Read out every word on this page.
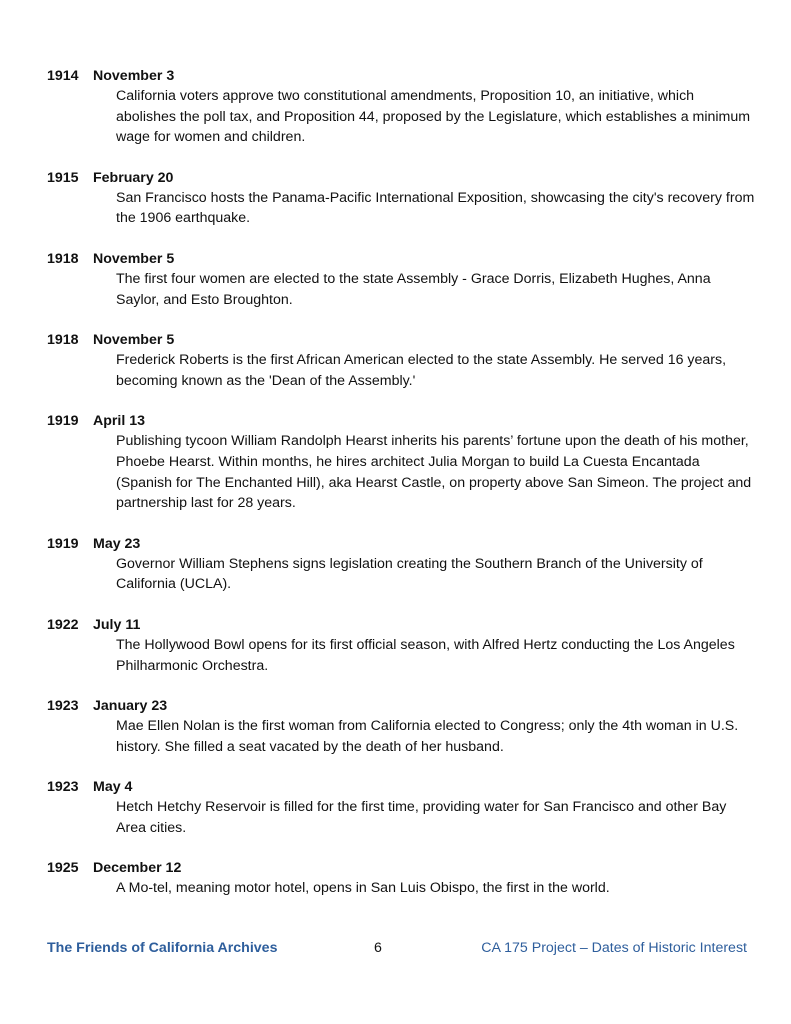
1914	November 3
California voters approve two constitutional amendments, Proposition 10, an initiative, which abolishes the poll tax, and Proposition 44, proposed by the Legislature, which establishes a minimum wage for women and children.
1915	February 20
San Francisco hosts the Panama-Pacific International Exposition, showcasing the city's recovery from the 1906 earthquake.
1918	November 5
The first four women are elected to the state Assembly - Grace Dorris, Elizabeth Hughes, Anna Saylor, and Esto Broughton.
1918	November 5
Frederick Roberts is the first African American elected to the state Assembly. He served 16 years, becoming known as the 'Dean of the Assembly.'
1919	April 13
Publishing tycoon William Randolph Hearst inherits his parents’ fortune upon the death of his mother, Phoebe Hearst. Within months, he hires architect Julia Morgan to build La Cuesta Encantada (Spanish for The Enchanted Hill), aka Hearst Castle, on property above San Simeon. The project and partnership last for 28 years.
1919	May 23
Governor William Stephens signs legislation creating the Southern Branch of the University of California (UCLA).
1922	July 11
The Hollywood Bowl opens for its first official season, with Alfred Hertz conducting the Los Angeles Philharmonic Orchestra.
1923	January 23
Mae Ellen Nolan is the first woman from California elected to Congress; only the 4th woman in U.S. history. She filled a seat vacated by the death of her husband.
1923	May 4
Hetch Hetchy Reservoir is filled for the first time, providing water for San Francisco and other Bay Area cities.
1925	December 12
A Mo-tel, meaning motor hotel, opens in San Luis Obispo, the first in the world.
The Friends of California Archives	6	CA 175 Project – Dates of Historic Interest
